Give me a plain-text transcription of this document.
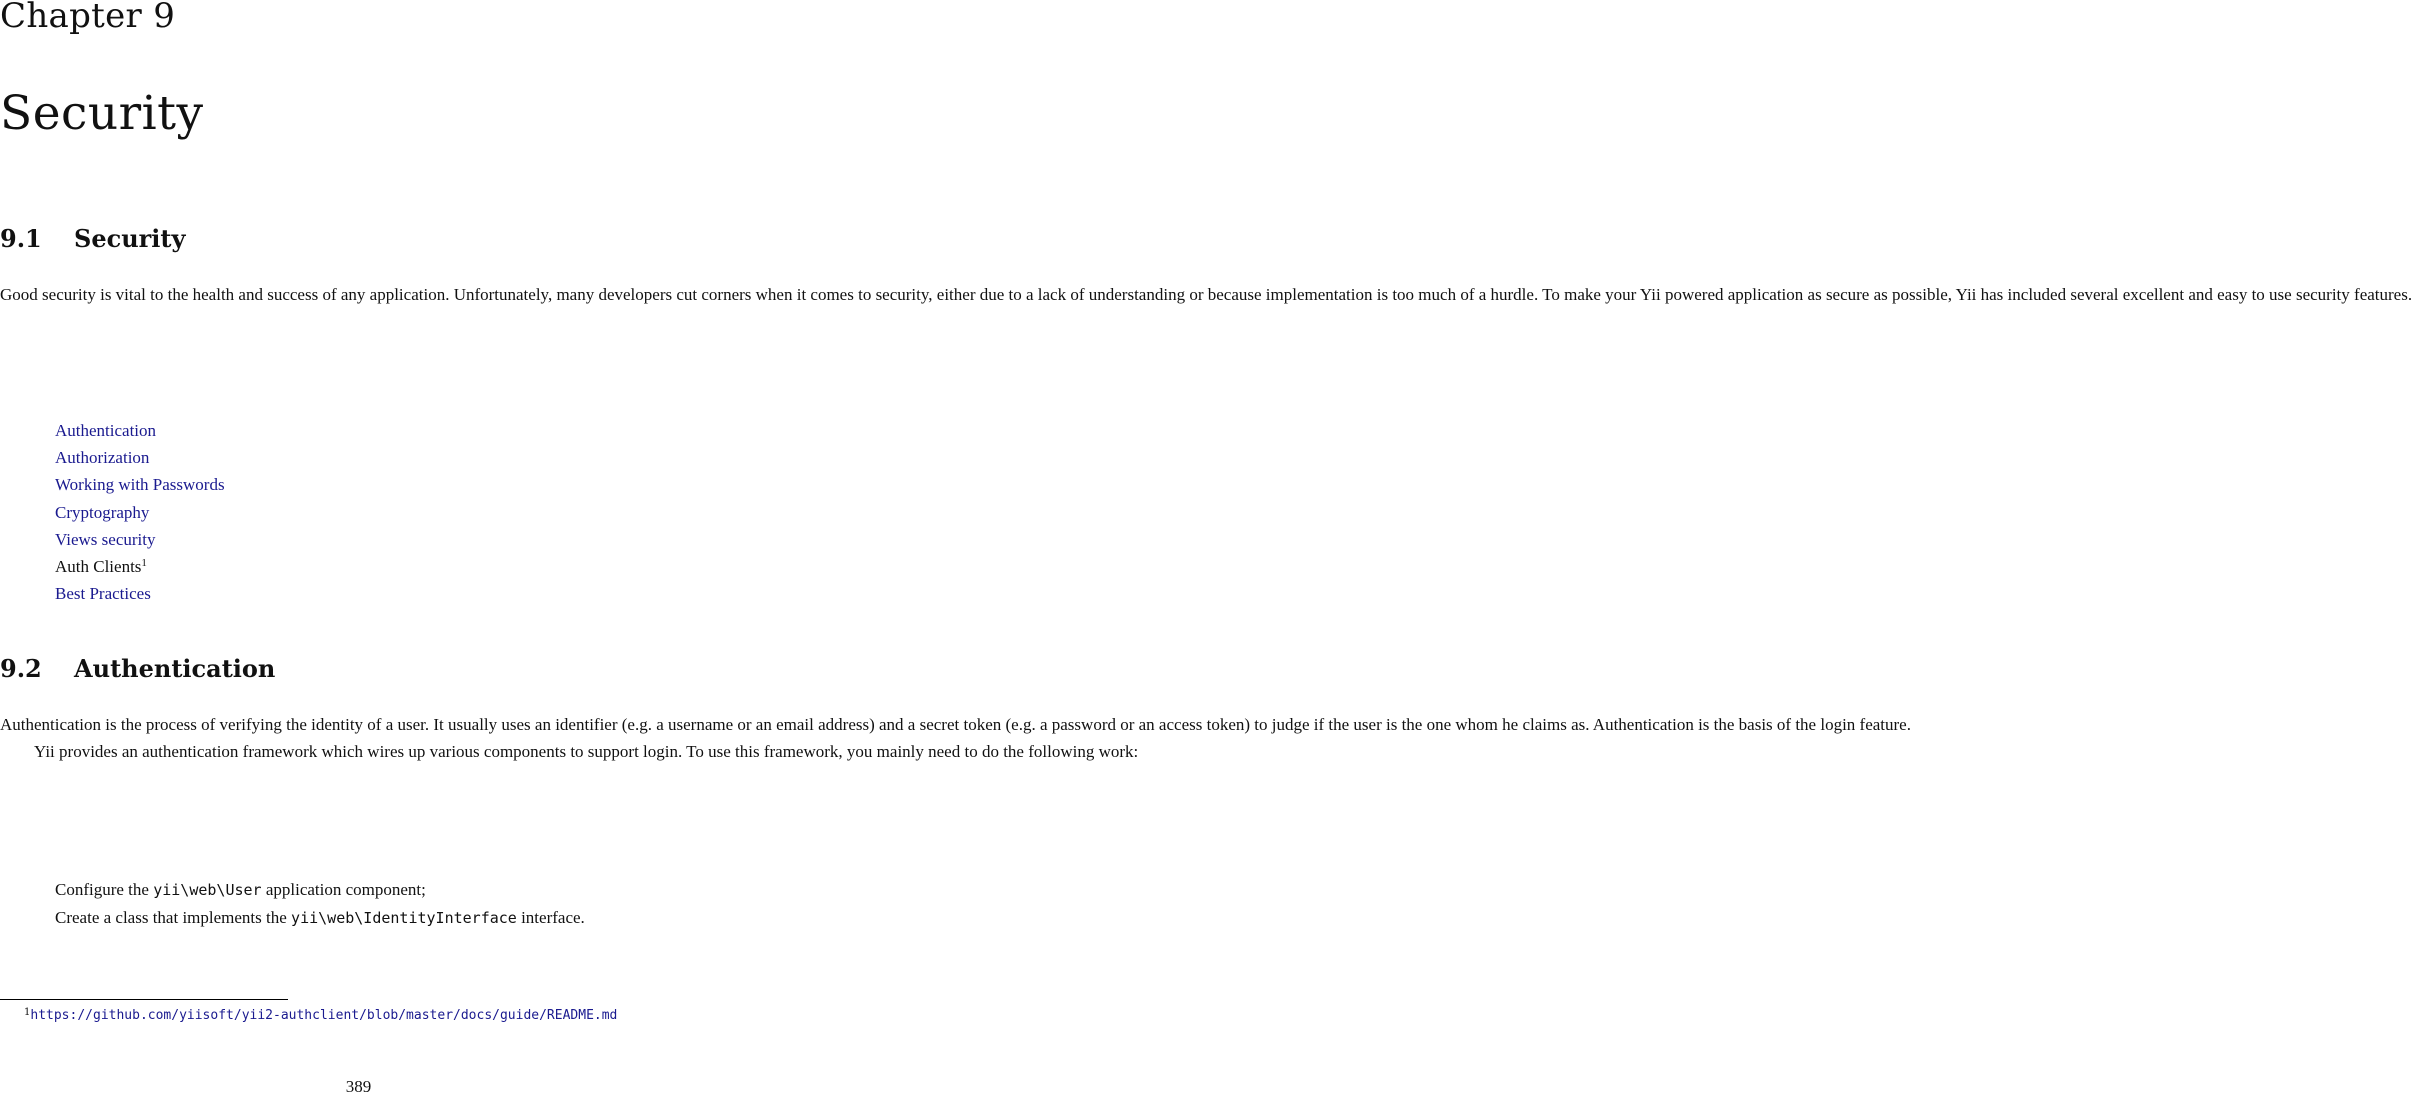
Chapter 9
Security
9.1 Security

Good security is vital to the health and success of any application. Unfortunately, many developers cut corners when it comes to security, either due to a lack of understanding or because implementation is too much of a hurdle. To make your Yii powered application as secure as possible, Yii has included several excellent and easy to use security features.

Authentication
Authorization
Working with Passwords
Cryptography
Views security
Auth Clients$^1$
Best Practices
9.2 Authentication

Authentication is the process of verifying the identity of a user. It usually uses an identifier (e.g. a username or an email address) and a secret token (e.g. a password or an access token) to judge if the user is the one whom he claims as. Authentication is the basis of the login feature.

Yii provides an authentication framework which wires up various components to support login. To use this framework, you mainly need to do the following work:

Configure the yii\web\User application component;
Create a class that implements the yii\web\IdentityInterface interface.
$^1$https://github.com/yiisoft/yii2-authclient/blob/master/docs/guide/README.md
389
